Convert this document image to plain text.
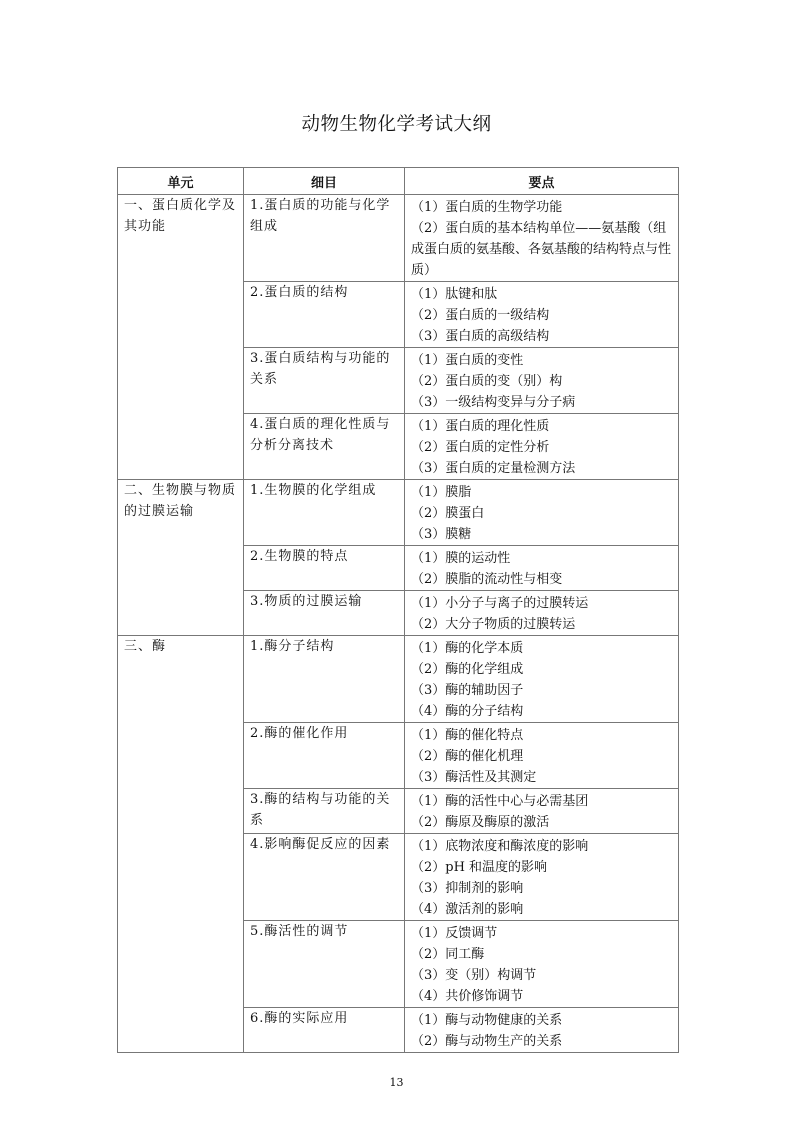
动物生物化学考试大纲
单元	细目	要点
一、蛋白质化学及其功能	1.蛋白质的功能与化学组成	（1）蛋白质的生物学功能
（2）蛋白质的基本结构单位——氨基酸（组成蛋白质的氨基酸、各氨基酸的结构特点与性质）

	2.蛋白质的结构	（1）肽键和肽
（2）蛋白质的一级结构
（3）蛋白质的高级结构

	3.蛋白质结构与功能的关系	（1）蛋白质的变性
（2）蛋白质的变（别）构
（3）一级结构变异与分子病

	4.蛋白质的理化性质与分析分离技术	（1）蛋白质的理化性质
（2）蛋白质的定性分析
（3）蛋白质的定量检测方法

二、生物膜与物质的过膜运输	1.生物膜的化学组成	（1）膜脂
（2）膜蛋白
（3）膜糖

	2.生物膜的特点	（1）膜的运动性
（2）膜脂的流动性与相变

	3.物质的过膜运输	（1）小分子与离子的过膜转运
（2）大分子物质的过膜转运

三、酶	1.酶分子结构	（1）酶的化学本质
（2）酶的化学组成
（3）酶的辅助因子
（4）酶的分子结构

	2.酶的催化作用	（1）酶的催化特点
（2）酶的催化机理
（3）酶活性及其测定

	3.酶的结构与功能的关系	（1）酶的活性中心与必需基团
（2）酶原及酶原的激活

	4.影响酶促反应的因素	（1）底物浓度和酶浓度的影响
（2）pH 和温度的影响
（3）抑制剂的影响
（4）激活剂的影响

	5.酶活性的调节	（1）反馈调节
（2）同工酶
（3）变（别）构调节
（4）共价修饰调节

	6.酶的实际应用	（1）酶与动物健康的关系
（2）酶与动物生产的关系
13
